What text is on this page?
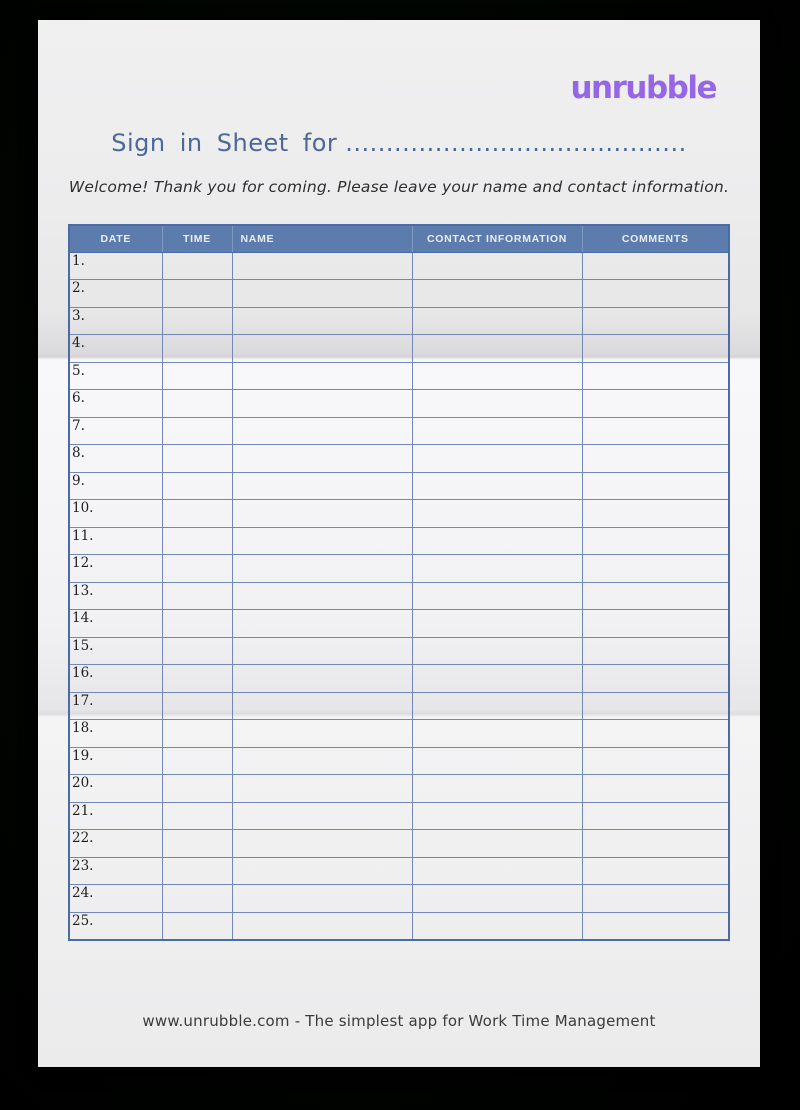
unrubble
Sign in Sheet for ..........................................
Welcome! Thank you for coming. Please leave your name and contact information.
DATE	TIME	NAME	CONTACT INFORMATION	COMMENTS
1.				
2.				
3.				
4.				
5.				
6.				
7.				
8.				
9.				
10.				
11.				
12.				
13.				
14.				
15.				
16.				
17.				
18.				
19.				
20.				
21.				
22.				
23.				
24.				
25.				
www.unrubble.com - The simplest app for Work Time Management
